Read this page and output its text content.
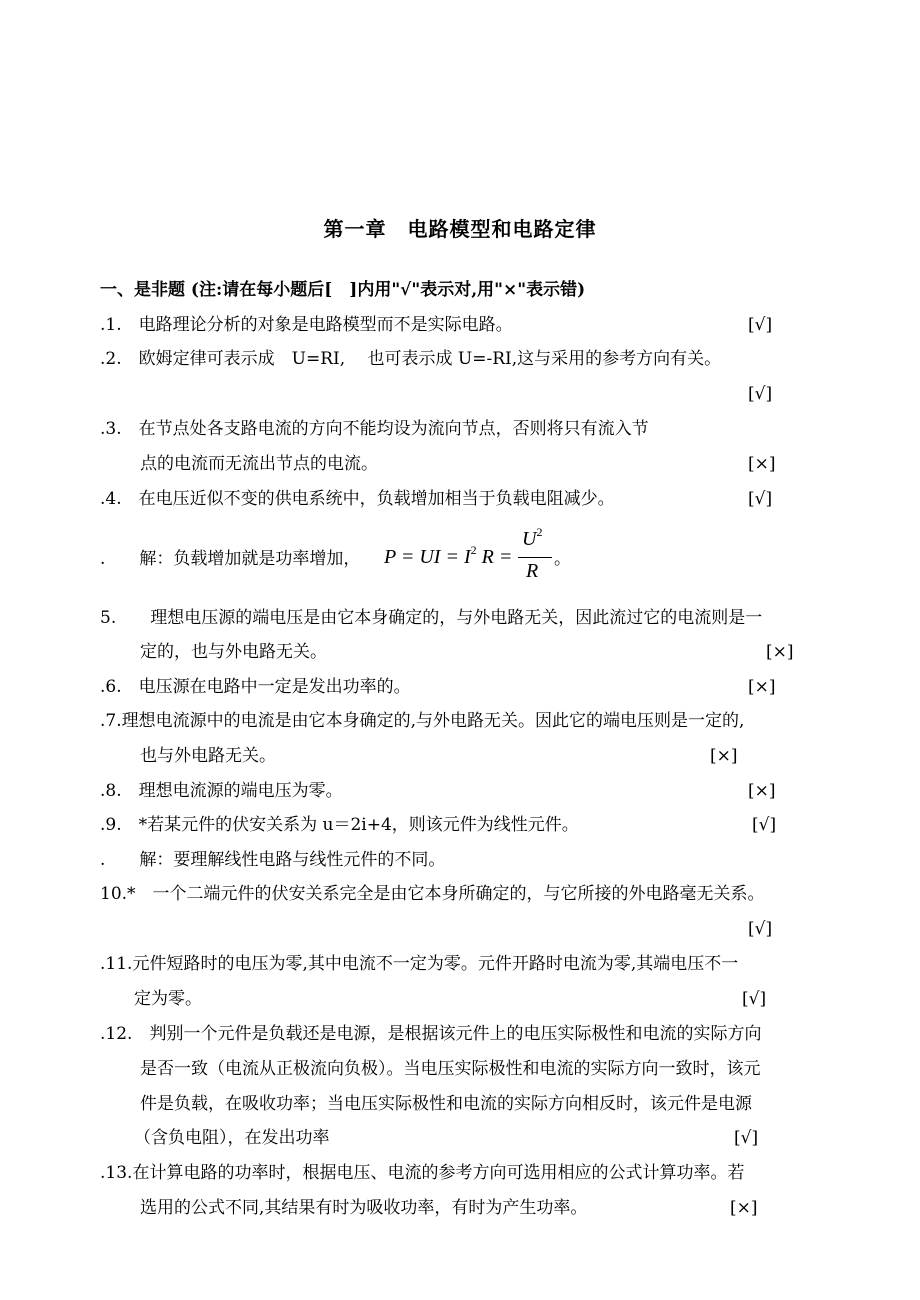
第一章　电路模型和电路定律
一、是非题 (注:请在每小题后[　]内用"√"表示对,用"×"表示错)
.1.　电路理论分析的对象是电路模型而不是实际电路。	[√]
.2.　欧姆定律可表示成　U=RI,　 也可表示成 U=-RI,这与采用的参考方向有关。
[√]
.3.　在节点处各支路电流的方向不能均设为流向节点，否则将只有流入节
点的电流而无流出节点的电流。	[×]
.4.　在电压近似不变的供电系统中，负载增加相当于负载电阻减少。	[√]
.　　解：负载增加就是功率增加， P = UI = $I^2$ R =
$U^2$
R
。
5.　　理想电压源的端电压是由它本身确定的，与外电路无关，因此流过它的电流则是一
定的，也与外电路无关。	[×]
.6.　电压源在电路中一定是发出功率的。	[×]
.7.理想电流源中的电流是由它本身确定的,与外电路无关。因此它的端电压则是一定的,
也与外电路无关。	[×]
.8.　理想电流源的端电压为零。	[×]
.9.　*若某元件的伏安关系为 u＝2i+4，则该元件为线性元件。	[√]
.　　解：要理解线性电路与线性元件的不同。
10.*　一个二端元件的伏安关系完全是由它本身所确定的，与它所接的外电路毫无关系。
[√]
.11.元件短路时的电压为零,其中电流不一定为零。元件开路时电流为零,其端电压不一
定为零。	[√]
.12.　判别一个元件是负载还是电源，是根据该元件上的电压实际极性和电流的实际方向
是否一致（电流从正极流向负极）。当电压实际极性和电流的实际方向一致时，该元
件是负载，在吸收功率；当电压实际极性和电流的实际方向相反时，该元件是电源
（含负电阻），在发出功率	[√]
.13.在计算电路的功率时，根据电压、电流的参考方向可选用相应的公式计算功率。若
选用的公式不同,其结果有时为吸收功率，有时为产生功率。	[×]
